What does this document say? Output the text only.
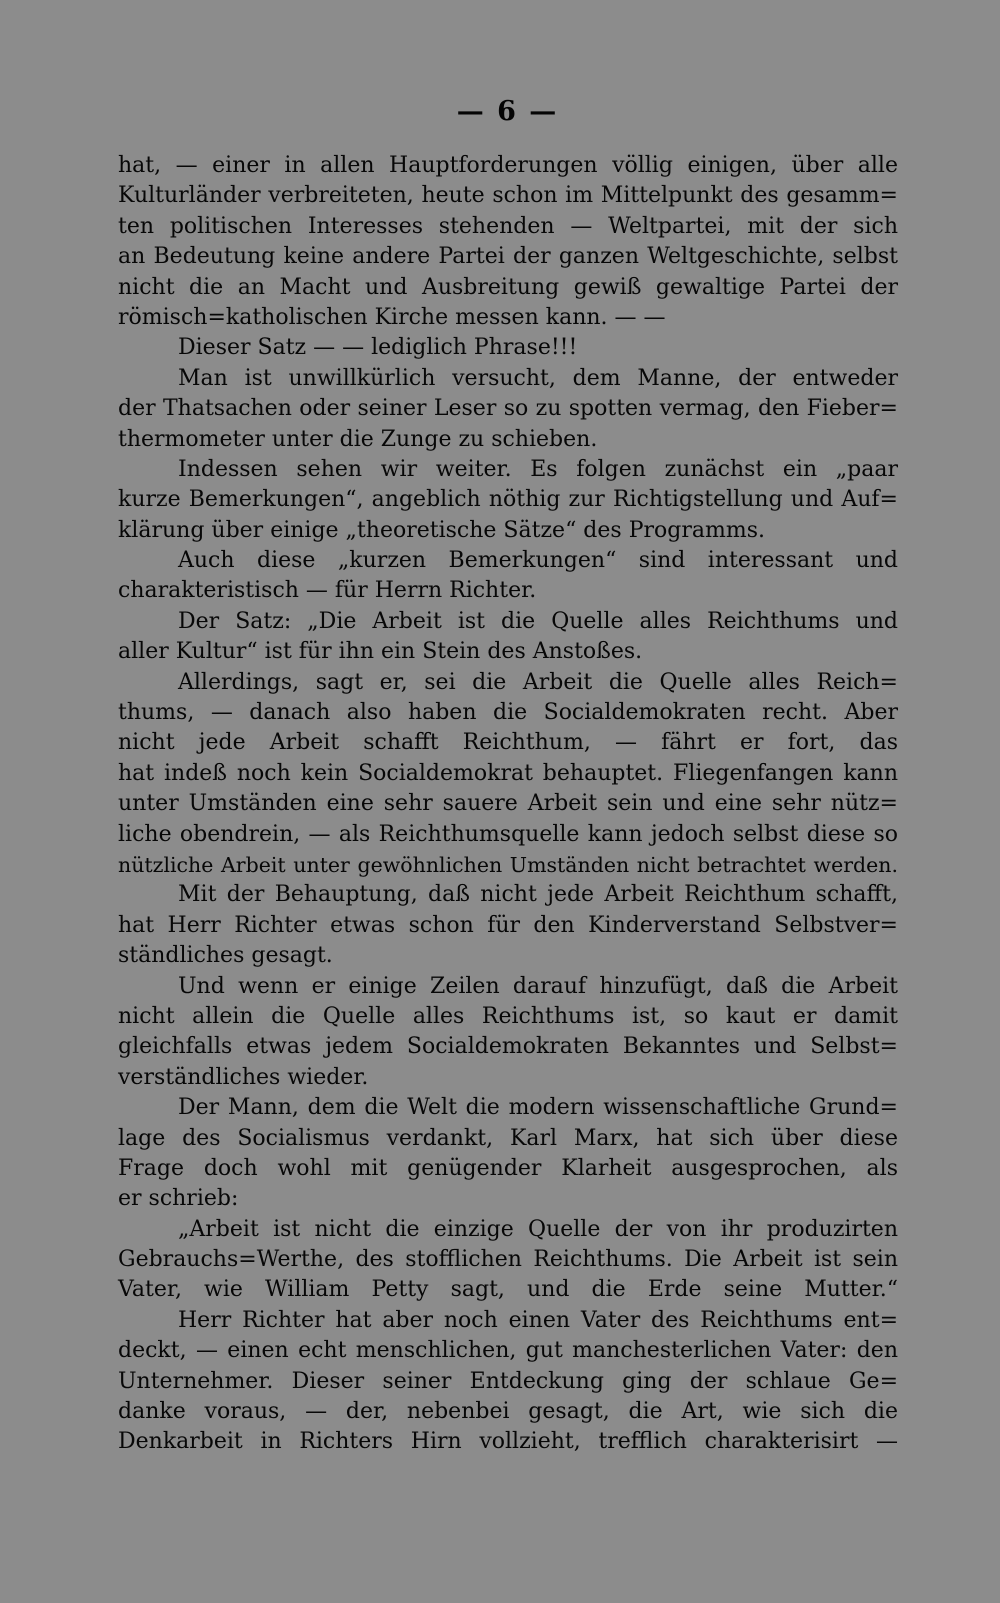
— 6 —
hat, — einer in allen Hauptforderungen völlig einigen, über alle
Kulturländer verbreiteten, heute schon im Mittelpunkt des gesamm=
ten politischen Interesses stehenden — Weltpartei, mit der sich
an Bedeutung keine andere Partei der ganzen Weltgeschichte, selbst
nicht die an Macht und Ausbreitung gewiß gewaltige Partei der
römisch=katholischen Kirche messen kann. — —
Dieser Satz — — lediglich Phrase!!!
Man ist unwillkürlich versucht, dem Manne, der entweder
der Thatsachen oder seiner Leser so zu spotten vermag, den Fieber=
thermometer unter die Zunge zu schieben.
Indessen sehen wir weiter. Es folgen zunächst ein „paar
kurze Bemerkungen“, angeblich nöthig zur Richtigstellung und Auf=
klärung über einige „theoretische Sätze“ des Programms.
Auch diese „kurzen Bemerkungen“ sind interessant und
charakteristisch — für Herrn Richter.
Der Satz: „Die Arbeit ist die Quelle alles Reichthums und
aller Kultur“ ist für ihn ein Stein des Anstoßes.
Allerdings, sagt er, sei die Arbeit die Quelle alles Reich=
thums, — danach also haben die Socialdemokraten recht. Aber
nicht jede Arbeit schafft Reichthum, — fährt er fort, das
hat indeß noch kein Socialdemokrat behauptet. Fliegenfangen kann
unter Umständen eine sehr sauere Arbeit sein und eine sehr nütz=
liche obendrein, — als Reichthumsquelle kann jedoch selbst diese so
nützliche Arbeit unter gewöhnlichen Umständen nicht betrachtet werden.
Mit der Behauptung, daß nicht jede Arbeit Reichthum schafft,
hat Herr Richter etwas schon für den Kinderverstand Selbstver=
ständliches gesagt.
Und wenn er einige Zeilen darauf hinzufügt, daß die Arbeit
nicht allein die Quelle alles Reichthums ist, so kaut er damit
gleichfalls etwas jedem Socialdemokraten Bekanntes und Selbst=
verständliches wieder.
Der Mann, dem die Welt die modern wissenschaftliche Grund=
lage des Socialismus verdankt, Karl Marx, hat sich über diese
Frage doch wohl mit genügender Klarheit ausgesprochen, als
er schrieb:
„Arbeit ist nicht die einzige Quelle der von ihr produzirten
Gebrauchs=Werthe, des stofflichen Reichthums. Die Arbeit ist sein
Vater, wie William Petty sagt, und die Erde seine Mutter.“
Herr Richter hat aber noch einen Vater des Reichthums ent=
deckt, — einen echt menschlichen, gut manchesterlichen Vater: den
Unternehmer. Dieser seiner Entdeckung ging der schlaue Ge=
danke voraus, — der, nebenbei gesagt, die Art, wie sich die
Denkarbeit in Richters Hirn vollzieht, trefflich charakterisirt —
